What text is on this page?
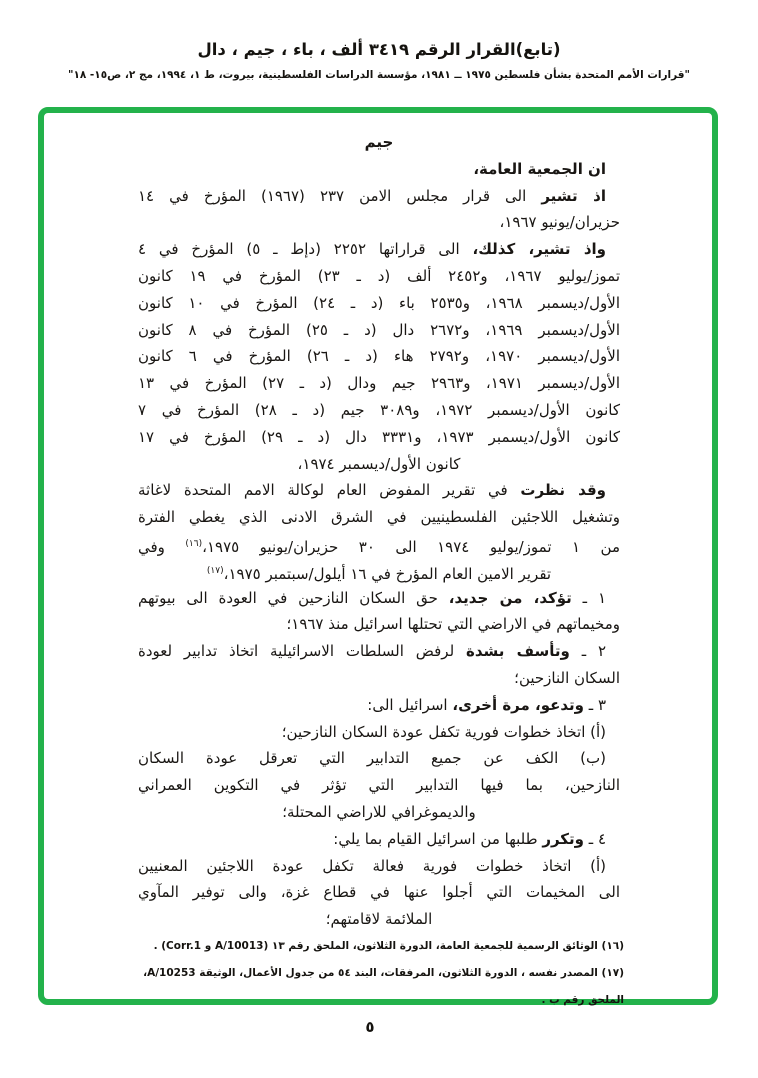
(تابع)القرار الرقم ٣٤١٩ ألف ، باء ، جيم ، دال
"قرارات الأمم المتحدة بشأن فلسطين ١٩٧٥ ــ ١٩٨١، مؤسسة الدراسات الفلسطينية، بيروت، ط ١، ١٩٩٤، مج ٢، ص١٥- ١٨"
جيم
ان الجمعية العامة،
اذ تشير الى قرار مجلس الامن ٢٣٧ (١٩٦٧) المؤرخ في ١٤
حزيران/يونيو ١٩٦٧،
واذ تشير، كذلك، الى قراراتها ٢٢٥٢ (دإط ـ ٥) المؤرخ في ٤
تموز/يوليو ١٩٦٧، و٢٤٥٢ ألف (د ـ ٢٣) المؤرخ في ١٩ كانون
الأول/ديسمبر ١٩٦٨، و٢٥٣٥ باء (د ـ ٢٤) المؤرخ في ١٠ كانون
الأول/ديسمبر ١٩٦٩، و٢٦٧٢ دال (د ـ ٢٥) المؤرخ في ٨ كانون
الأول/ديسمبر ١٩٧٠، و٢٧٩٢ هاء (د ـ ٢٦) المؤرخ في ٦ كانون
الأول/ديسمبر ١٩٧١، و٢٩٦٣ جيم ودال (د ـ ٢٧) المؤرخ في ١٣
كانون الأول/ديسمبر ١٩٧٢، و٣٠٨٩ جيم (د ـ ٢٨) المؤرخ في ٧
كانون الأول/ديسمبر ١٩٧٣، و٣٣٣١ دال (د ـ ٢٩) المؤرخ في ١٧
كانون الأول/ديسمبر ١٩٧٤،
وقد نظرت في تقرير المفوض العام لوكالة الامم المتحدة لاغاثة
وتشغيل اللاجئين الفلسطينيين في الشرق الادنى الذي يغطي الفترة
من ١ تموز/يوليو ١٩٧٤ الى ٣٠ حزيران/يونيو ١٩٧٥،$^{(١٦)}$ وفي
تقرير الامين العام المؤرخ في ١٦ أيلول/سبتمبر ١٩٧٥،$^{(١٧)}$
١ ـ تؤكد، من جديد، حق السكان النازحين في العودة الى بيوتهم
ومخيماتهم في الاراضي التي تحتلها اسرائيل منذ ١٩٦٧؛
٢ ـ وتأسف بشدة لرفض السلطات الاسرائيلية اتخاذ تدابير لعودة
السكان النازحين؛
٣ ـ وتدعو، مرة أخرى، اسرائيل الى:
(أ) اتخاذ خطوات فورية تكفل عودة السكان النازحين؛
(ب) الكف عن جميع التدابير التي تعرقل عودة السكان
النازحين، بما فيها التدابير التي تؤثر في التكوين العمراني
والديموغرافي للاراضي المحتلة؛
٤ ـ وتكرر طلبها من اسرائيل القيام بما يلي:
(أ) اتخاذ خطوات فورية فعالة تكفل عودة اللاجئين المعنيين
الى المخيمات التي أجلوا عنها في قطاع غزة، والى توفير المآوي
الملائمة لاقامتهم؛
(١٦) الوثائق الرسمية للجمعية العامة، الدورة الثلاثون، الملحق رقم ١٣ (A/10013 و Corr.1) .
(١٧) المصدر نفسه ، الدورة الثلاثون، المرفقات، البند ٥٤ من جدول الأعمال، الوثيقة A/10253، الملحق رقم ب .
٥
